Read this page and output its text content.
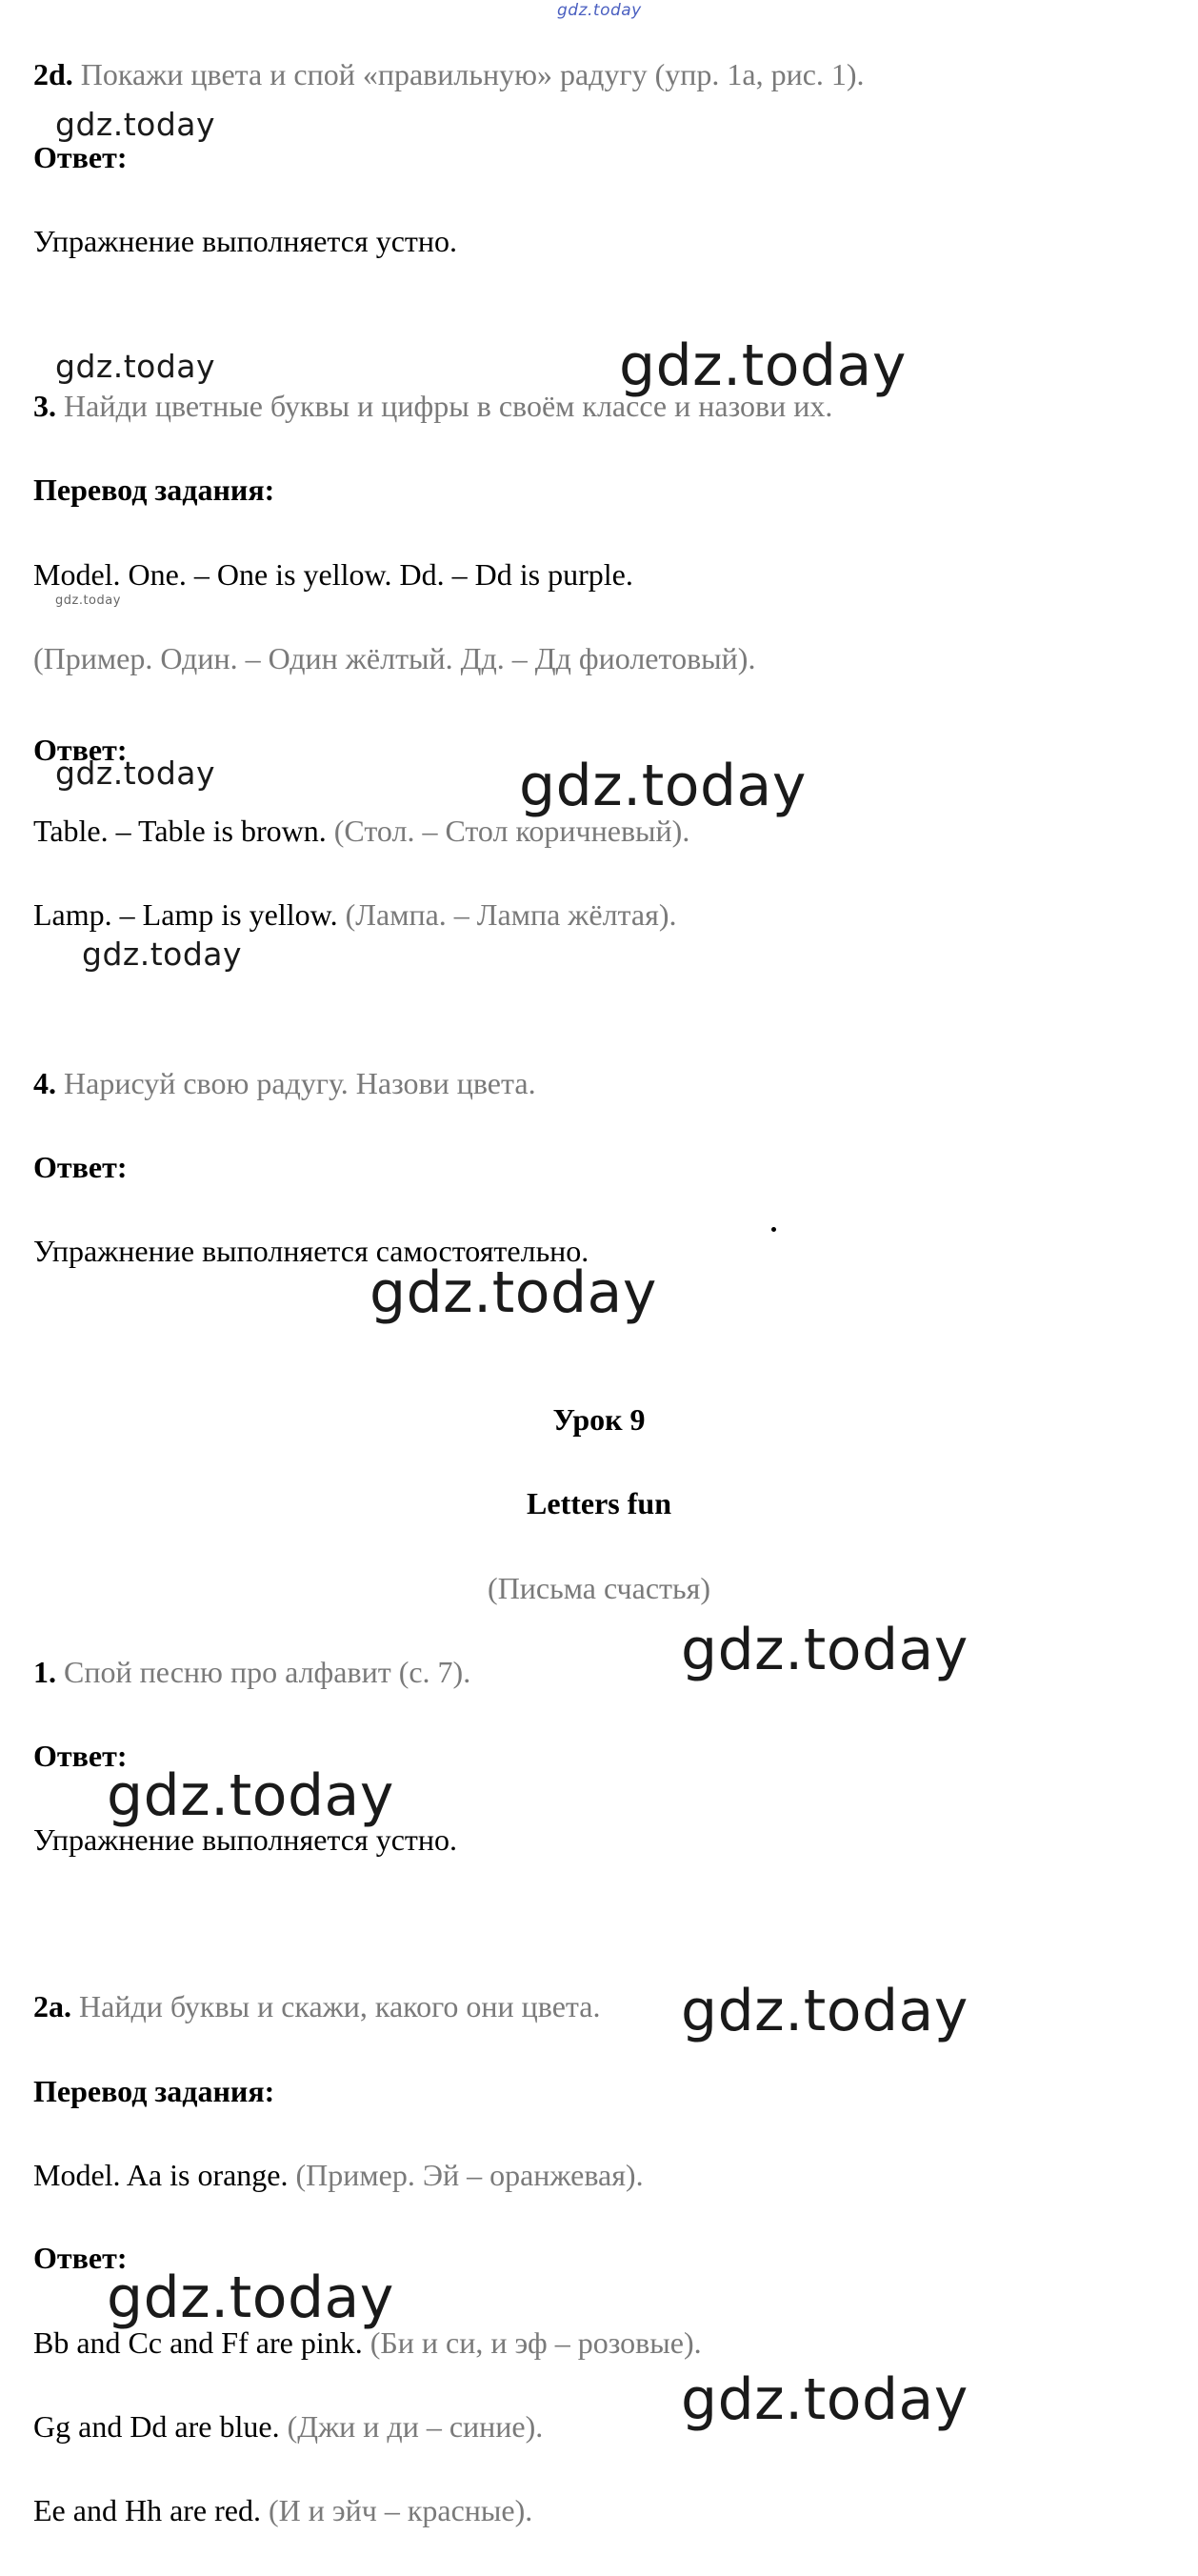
gdz.today
2d. Покажи цвета и спой «правильную» радугу (упр. 1а, рис. 1).
Ответ:
Упражнение выполняется устно.
3. Найди цветные буквы и цифры в своём классе и назови их.
Перевод задания:
Model. One. – One is yellow. Dd. – Dd is purple.
(Пример. Один. – Один жёлтый. Дд. – Дд фиолетовый).
Ответ:
Table. – Table is brown. (Стол. – Стол коричневый).
Lamp. – Lamp is yellow. (Лампа. – Лампа жёлтая).
4. Нарисуй свою радугу. Назови цвета.
Ответ:
Упражнение выполняется самостоятельно.
Урок 9
Letters fun
(Письма счастья)
1. Спой песню про алфавит (с. 7).
Ответ:
Упражнение выполняется устно.
2a. Найди буквы и скажи, какого они цвета.
Перевод задания:
Model. Aa is orange. (Пример. Эй – оранжевая).
Ответ:
Bb and Cc and Ff are pink. (Би и си, и эф – розовые).
Gg and Dd are blue. (Джи и ди – синие).
Ee and Hh are red. (И и эйч – красные).
gdz.today
gdz.today	gdz.today
gdz.today
gdz.today	gdz.today
gdz.today
gdz.today
gdz.today
gdz.today
gdz.today
gdz.today
gdz.today
